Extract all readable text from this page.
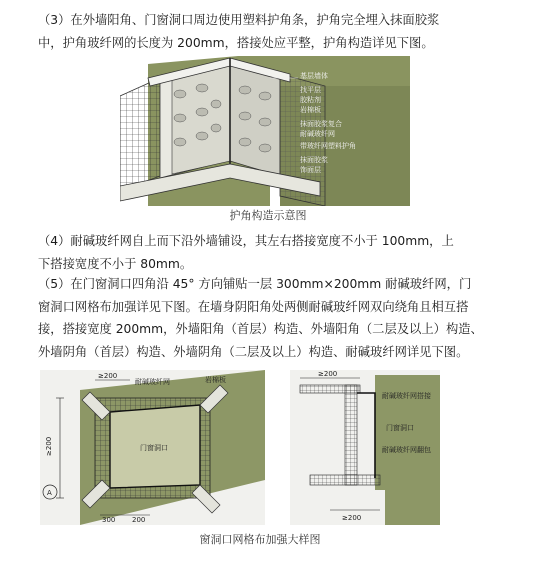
（3）在外墙阳角、门窗洞口周边使用塑料护角条，护角完全埋入抹面胶浆
中，护角玻纤网的长度为 200mm，搭接处应平整，护角构造详见下图。
基层墙体
找平层
胶粘剂
岩棉板
抹面胶浆复合
耐碱玻纤网
带玻纤网塑料护角
抹面胶浆
饰面层
护角构造示意图
（4）耐碱玻纤网自上而下沿外墙铺设，其左右搭接宽度不小于 100mm，上
下搭接宽度不小于 80mm。
（5）在门窗洞口四角沿 45° 方向铺贴一层 300mm×200mm 耐碱玻纤网，门
窗洞口网格布加强详见下图。在墙身阴阳角处两侧耐碱玻纤网双向绕角且相互搭
接，搭接宽度 200mm，外墙阳角（首层）构造、外墙阳角（二层及以上）构造、
外墙阴角（首层）构造、外墙阴角（二层及以上）构造、耐碱玻纤网详见下图。
≥200
耐碱玻纤网	岩棉板
门窗洞口
≥200
A
300 200
≥200
耐碱玻纤网搭接
门窗洞口
耐碱玻纤网翻包
≥200
窗洞口网格布加强大样图
